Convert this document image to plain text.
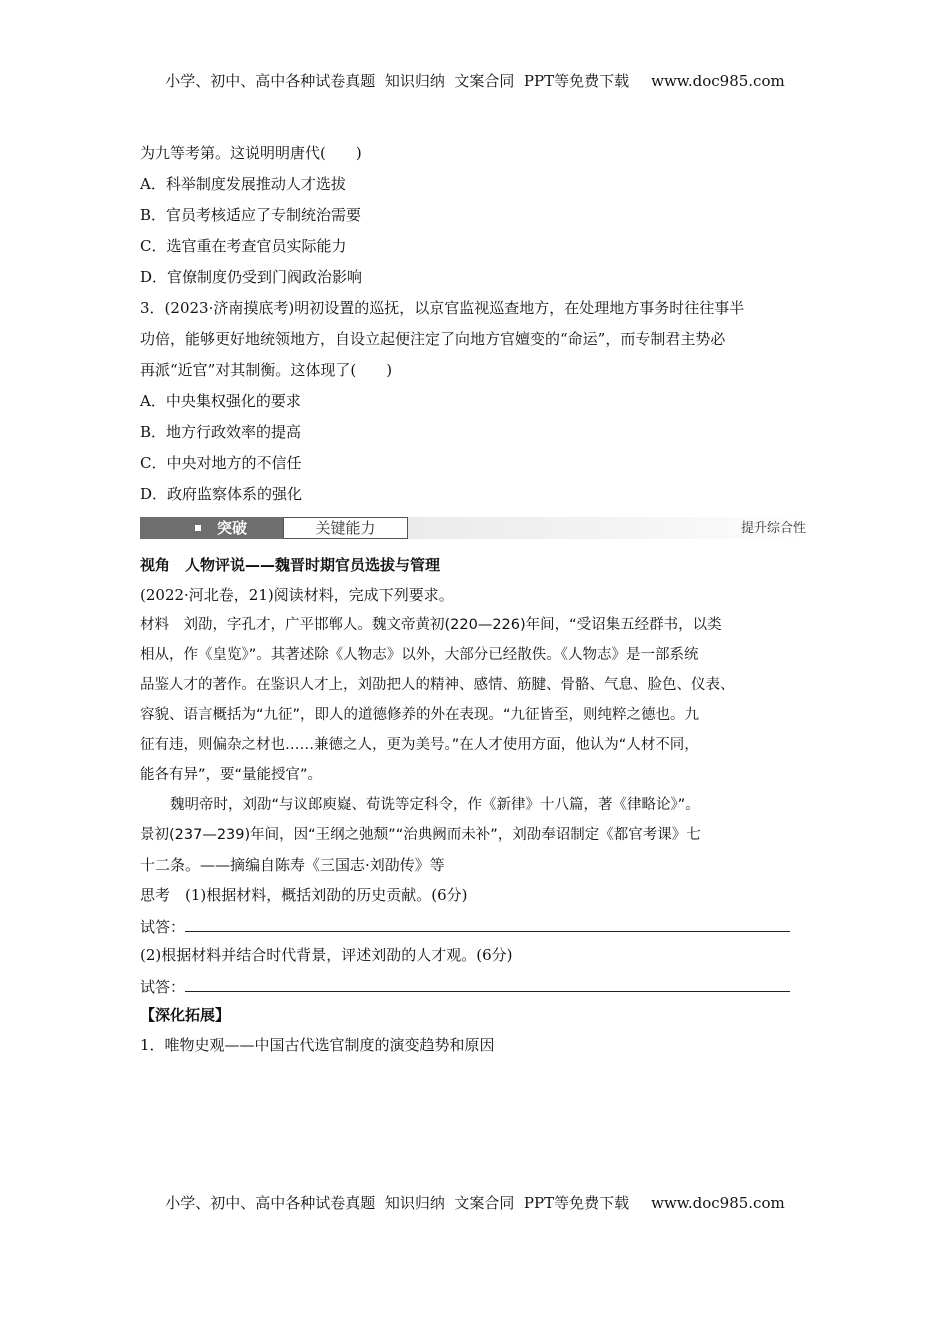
小学、初中、高中各种试卷真题  知识归纳  文案合同  PPT等免费下载 www.doc985.com
为九等考第。这说明明唐代(　　)
A．科举制度发展推动人才选拔
B．官员考核适应了专制统治需要
C．选官重在考查官员实际能力
D．官僚制度仍受到门阀政治影响
3．(2023·济南摸底考)明初设置的巡抚，以京官监视巡查地方，在处理地方事务时往往事半
功倍，能够更好地统领地方，自设立起便注定了向地方官嬗变的“命运”，而专制君主势必
再派“近官”对其制衡。这体现了(　　)
A．中央集权强化的要求
B．地方行政效率的提高
C．中央对地方的不信任
D．政府监察体系的强化
突破	关键能力	提升综合性
视角　人物评说——魏晋时期官员选拔与管理
(2022·河北卷，21)阅读材料，完成下列要求。
材料　刘劭，字孔才，广平邯郸人。魏文帝黄初(220—226)年间，“受诏集五经群书，以类
相从，作《皇览》”。其著述除《人物志》以外，大部分已经散佚。《人物志》是一部系统
品鉴人才的著作。在鉴识人才上，刘劭把人的精神、感情、筋腱、骨骼、气息、脸色、仪表、
容貌、语言概括为“九征”，即人的道德修养的外在表现。“九征皆至，则纯粹之德也。九
征有违，则偏杂之材也……兼德之人，更为美号。”在人才使用方面，他认为“人材不同，
能各有异”，要“量能授官”。
魏明帝时，刘劭“与议郎庾嶷、荀诜等定科令，作《新律》十八篇，著《律略论》”。
景初(237—239)年间，因“王纲之弛颓”“治典阙而未补”，刘劭奉诏制定《都官考课》七
十二条。——摘编自陈寿《三国志·刘劭传》等
思考　(1)根据材料，概括刘劭的历史贡献。(6分)
试答：
(2)根据材料并结合时代背景，评述刘劭的人才观。(6分)
试答：
【深化拓展】
1．唯物史观——中国古代选官制度的演变趋势和原因
小学、初中、高中各种试卷真题  知识归纳  文案合同  PPT等免费下载 www.doc985.com
